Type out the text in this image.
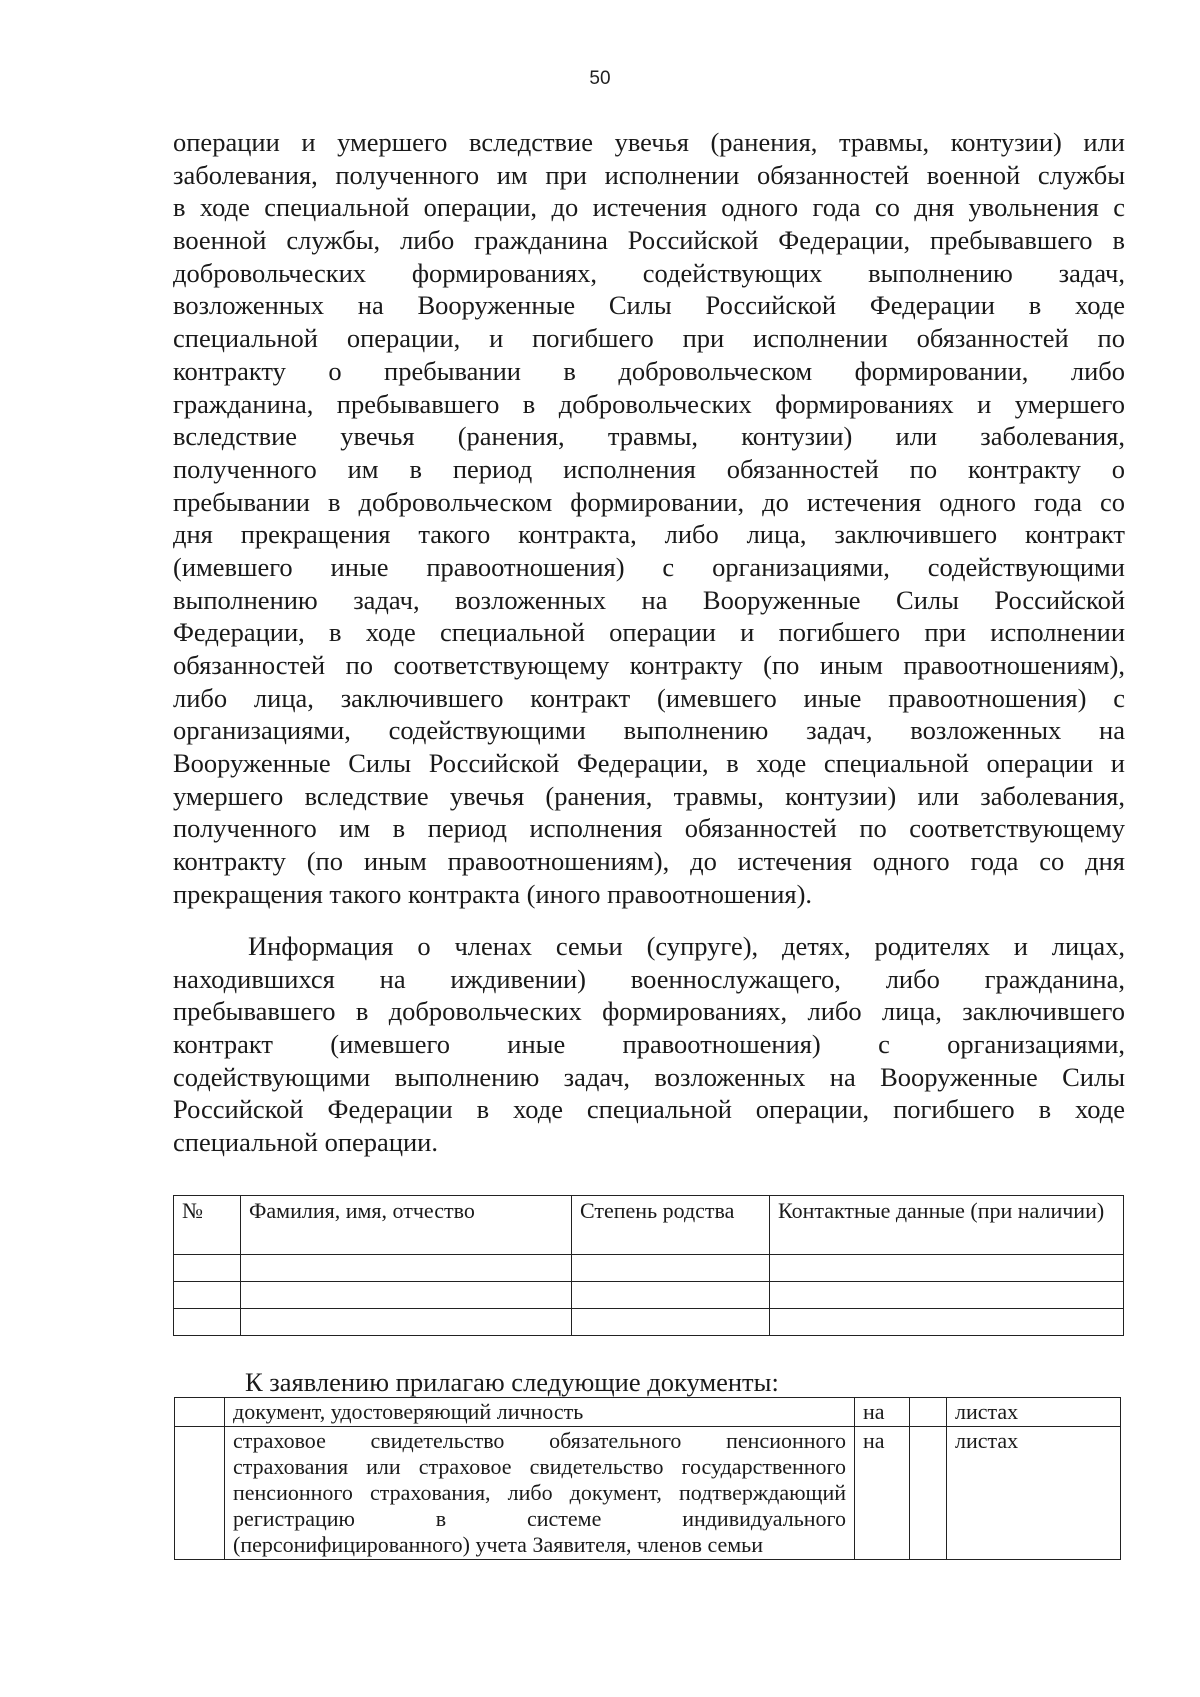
50
операции и умершего вследствие увечья (ранения, травмы, контузии) или
заболевания, полученного им при исполнении обязанностей военной службы
в ходе специальной операции, до истечения одного года со дня увольнения с
военной службы, либо гражданина Российской Федерации, пребывавшего в
добровольческих формированиях, содействующих выполнению задач,
возложенных на Вооруженные Силы Российской Федерации в ходе
специальной операции, и погибшего при исполнении обязанностей по
контракту о пребывании в добровольческом формировании, либо
гражданина, пребывавшего в добровольческих формированиях и умершего
вследствие увечья (ранения, травмы, контузии) или заболевания,
полученного им в период исполнения обязанностей по контракту о
пребывании в добровольческом формировании, до истечения одного года со
дня прекращения такого контракта, либо лица, заключившего контракт
(имевшего иные правоотношения) с организациями, содействующими
выполнению задач, возложенных на Вооруженные Силы Российской
Федерации, в ходе специальной операции и погибшего при исполнении
обязанностей по соответствующему контракту (по иным правоотношениям),
либо лица, заключившего контракт (имевшего иные правоотношения) с
организациями, содействующими выполнению задач, возложенных на
Вооруженные Силы Российской Федерации, в ходе специальной операции и
умершего вследствие увечья (ранения, травмы, контузии) или заболевания,
полученного им в период исполнения обязанностей по соответствующему
контракту (по иным правоотношениям), до истечения одного года со дня
прекращения такого контракта (иного правоотношения).
Информация о членах семьи (супруге), детях, родителях и лицах,
находившихся на иждивении) военнослужащего, либо гражданина,
пребывавшего в добровольческих формированиях, либо лица, заключившего
контракт (имевшего иные правоотношения) с организациями,
содействующими выполнению задач, возложенных на Вооруженные Силы
Российской Федерации в ходе специальной операции, погибшего в ходе
специальной операции.
№	Фамилия, имя, отчество	Степень родства	Контактные данные (при наличии)

К заявлению прилагаю следующие документы:

	документ, удостоверяющий личность	на		листах

	страховое свидетельство обязательного пенсионного
страхования или страховое свидетельство государственного
пенсионного страхования, либо документ, подтверждающий
регистрацию в системе индивидуального
(персонифицированного) учета Заявителя, членов семьи	на		листах
